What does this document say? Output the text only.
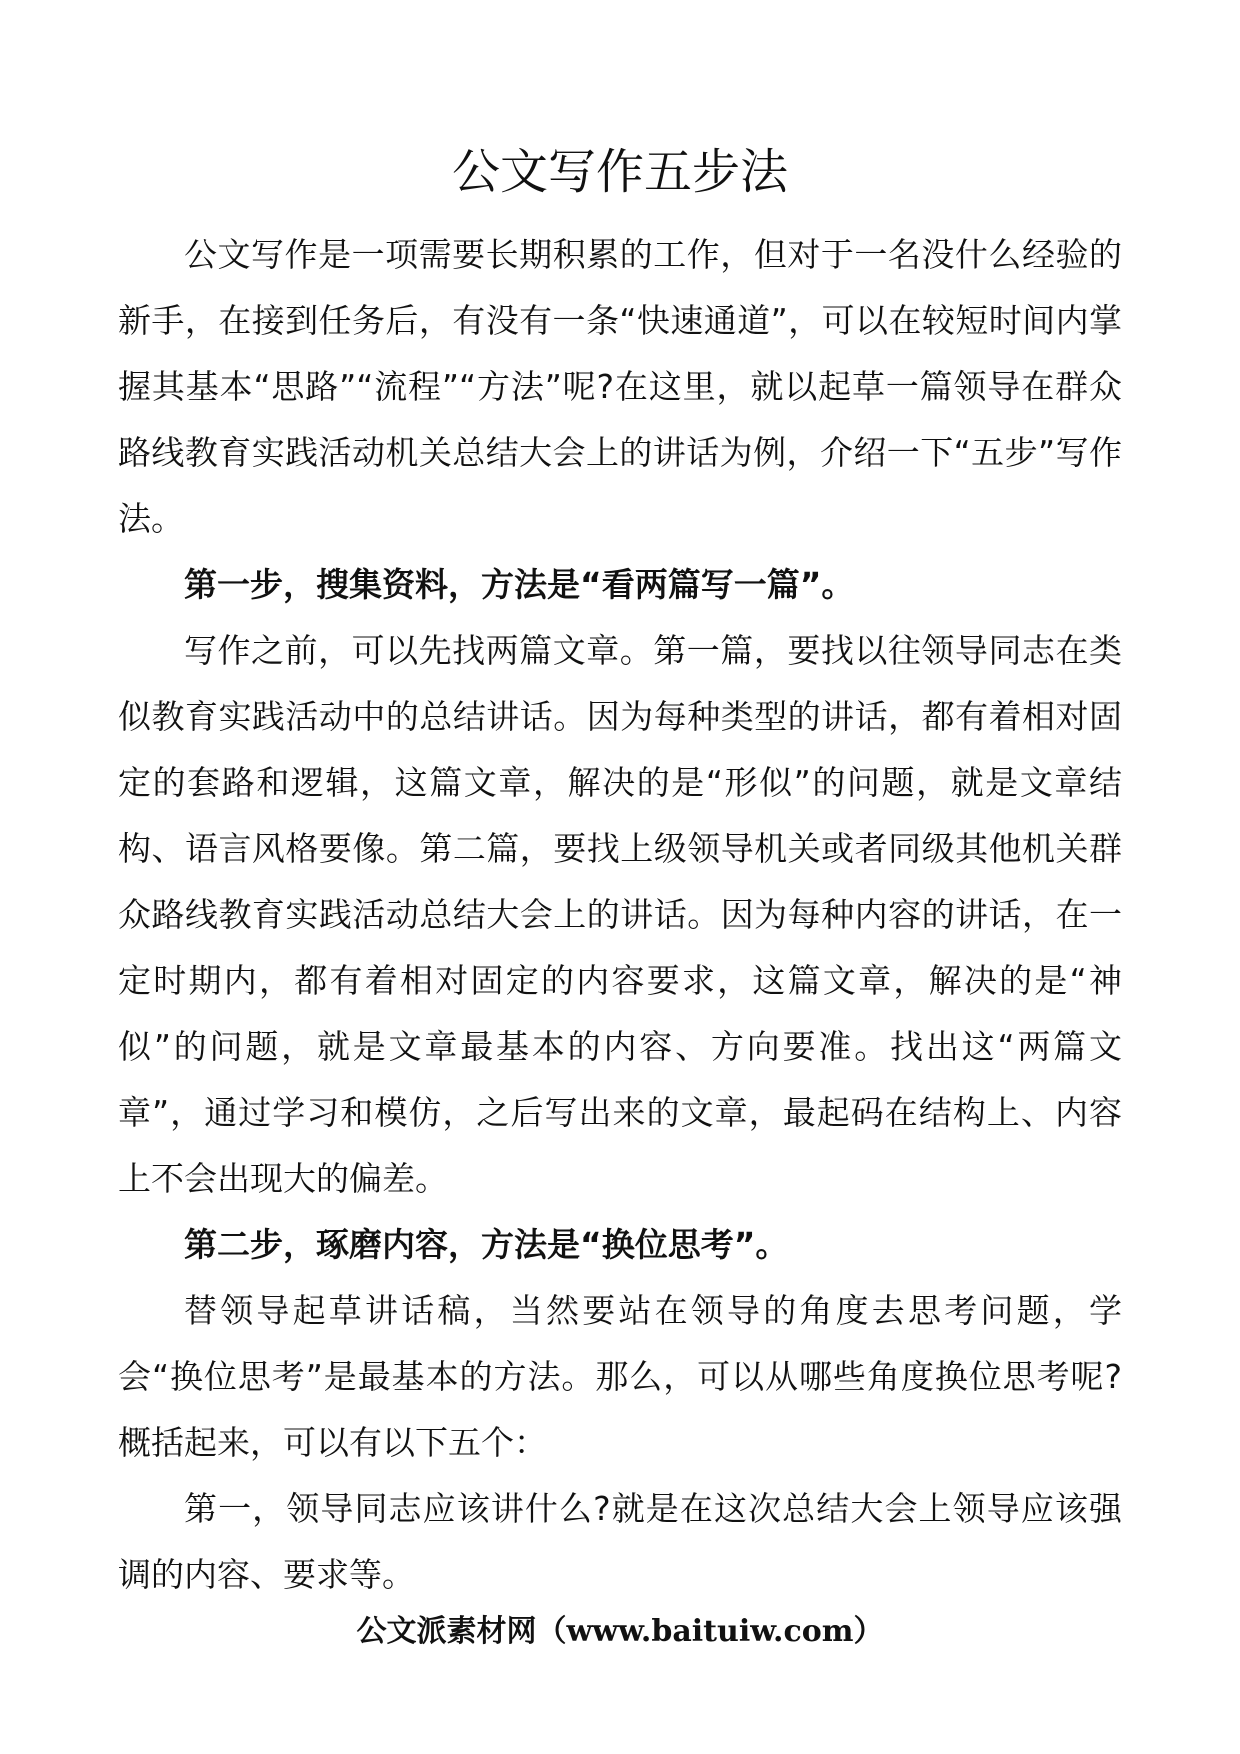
公文写作五步法

公文写作是一项需要长期积累的工作，但对于一名没什么经验的新手，在接到任务后，有没有一条“快速通道”，可以在较短时间内掌握其基本“思路”“流程”“方法”呢?在这里，就以起草一篇领导在群众路线教育实践活动机关总结大会上的讲话为例，介绍一下“五步”写作法。

第一步，搜集资料，方法是“看两篇写一篇”。

写作之前，可以先找两篇文章。第一篇，要找以往领导同志在类似教育实践活动中的总结讲话。因为每种类型的讲话，都有着相对固定的套路和逻辑，这篇文章，解决的是“形似”的问题，就是文章结构、语言风格要像。第二篇，要找上级领导机关或者同级其他机关群众路线教育实践活动总结大会上的讲话。因为每种内容的讲话，在一定时期内，都有着相对固定的内容要求，这篇文章，解决的是“神似”的问题，就是文章最基本的内容、方向要准。找出这“两篇文章”，通过学习和模仿，之后写出来的文章，最起码在结构上、内容上不会出现大的偏差。

第二步，琢磨内容，方法是“换位思考”。

替领导起草讲话稿，当然要站在领导的角度去思考问题，学会“换位思考”是最基本的方法。那么，可以从哪些角度换位思考呢?概括起来，可以有以下五个：

第一，领导同志应该讲什么?就是在这次总结大会上领导应该强调的内容、要求等。

公文派素材网（www.baituiw.com）
